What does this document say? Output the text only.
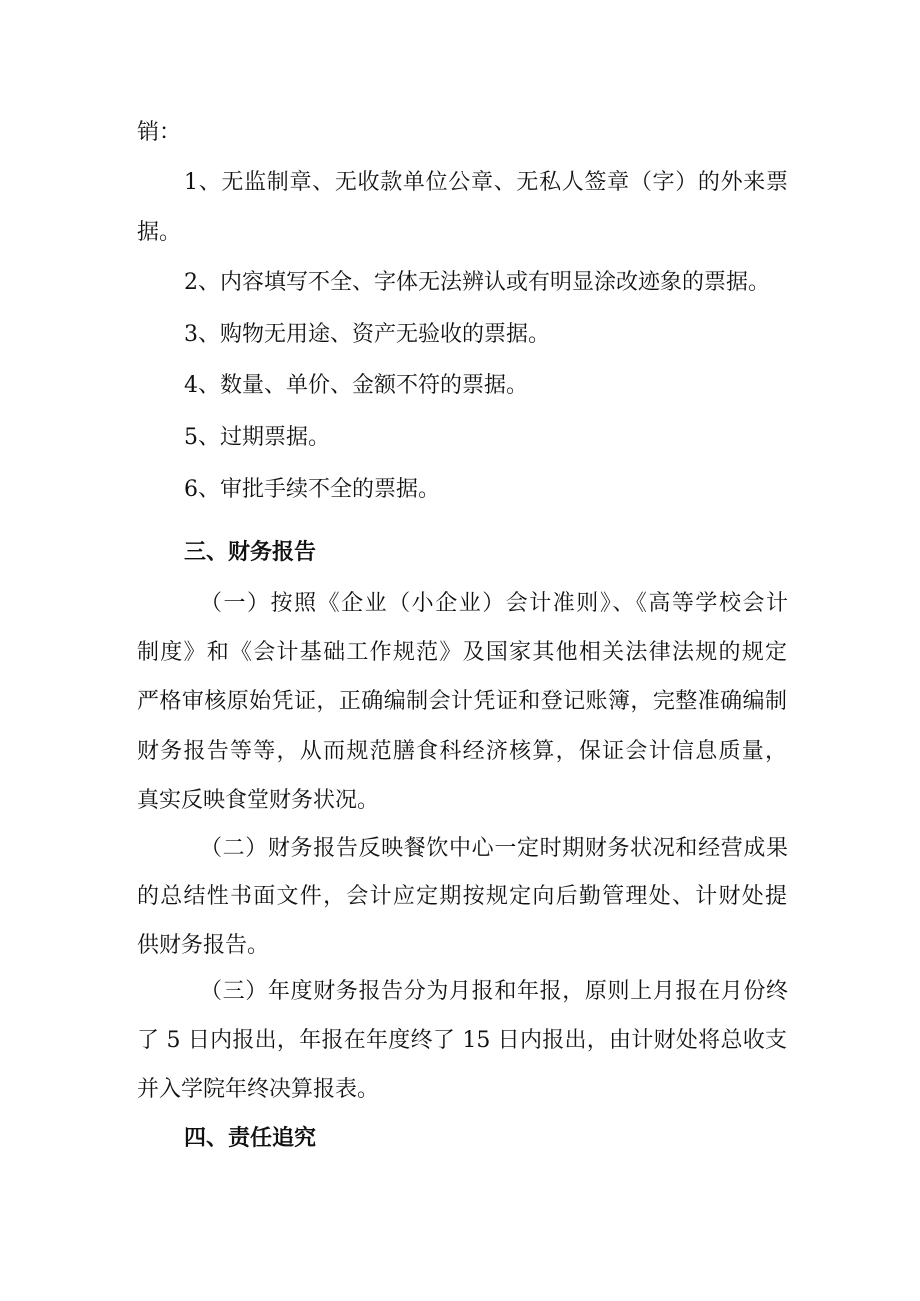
销：

1、无监制章、无收款单位公章、无私人签章（字）的外来票

据。

2、内容填写不全、字体无法辨认或有明显涂改迹象的票据。

3、购物无用途、资产无验收的票据。

4、数量、单价、金额不符的票据。

5、过期票据。

6、审批手续不全的票据。

三、财务报告

（一）按照《企业（小企业）会计准则》、《高等学校会计

制度》和《会计基础工作规范》及国家其他相关法律法规的规定

严格审核原始凭证，正确编制会计凭证和登记账簿，完整准确编制

财务报告等等，从而规范膳食科经济核算，保证会计信息质量，

真实反映食堂财务状况。

（二）财务报告反映餐饮中心一定时期财务状况和经营成果

的总结性书面文件，会计应定期按规定向后勤管理处、计财处提

供财务报告。

（三）年度财务报告分为月报和年报，原则上月报在月份终

了 5 日内报出，年报在年度终了 15 日内报出，由计财处将总收支

并入学院年终决算报表。

四、责任追究
